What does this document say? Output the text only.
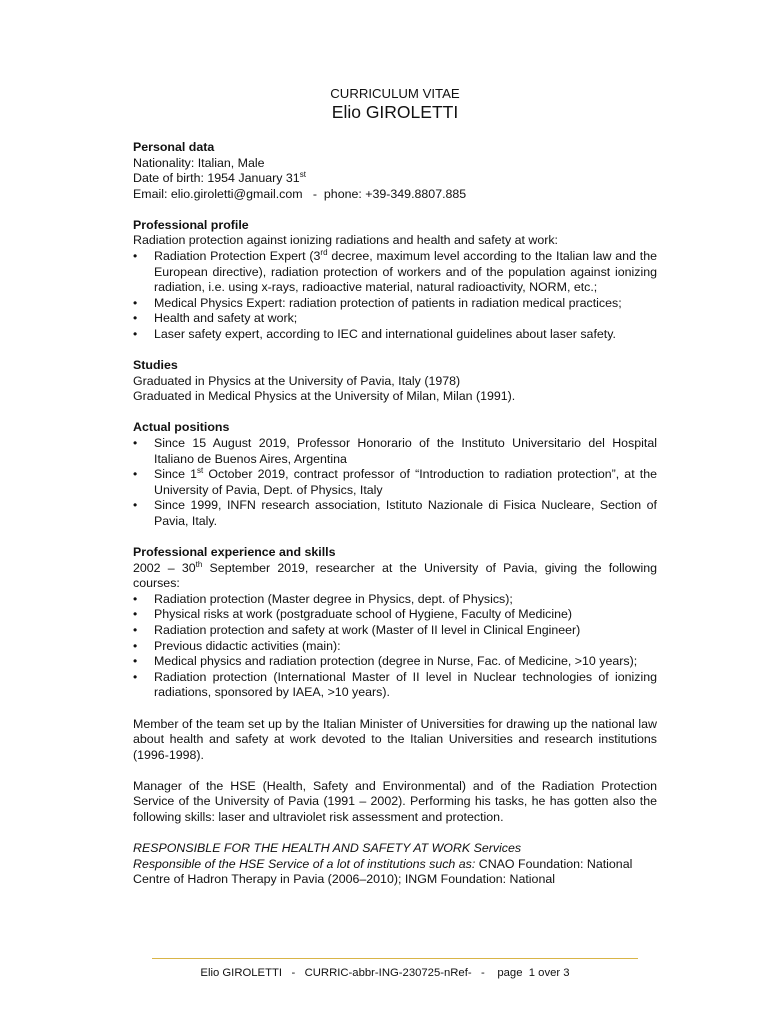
CURRICULUM VITAE
Elio GIROLETTI
Personal data

Nationality: Italian, Male

Date of birth: 1954 January 31st

Email: elio.giroletti@gmail.com   -  phone: +39-349.8807.885

Professional profile

Radiation protection against ionizing radiations and health and safety at work:

• Radiation Protection Expert (3rd decree, maximum level according to the Italian law and the European directive), radiation protection of workers and of the population against ionizing radiation, i.e. using x-rays, radioactive material, natural radioactivity, NORM, etc.;
• Medical Physics Expert: radiation protection of patients in radiation medical practices;
• Health and safety at work;
• Laser safety expert, according to IEC and international guidelines about laser safety.
Studies

Graduated in Physics at the University of Pavia, Italy (1978)

Graduated in Medical Physics at the University of Milan, Milan (1991).

Actual positions
• Since 15 August 2019, Professor Honorario of the Instituto Universitario del Hospital Italiano de Buenos Aires, Argentina
• Since 1st October 2019, contract professor of “Introduction to radiation protection”, at the University of Pavia, Dept. of Physics, Italy
• Since 1999, INFN research association, Istituto Nazionale di Fisica Nucleare, Section of Pavia, Italy.
Professional experience and skills

2002 – 30th September 2019, researcher at the University of Pavia, giving the following courses:

• Radiation protection (Master degree in Physics, dept. of Physics);
• Physical risks at work (postgraduate school of Hygiene, Faculty of Medicine)
• Radiation protection and safety at work (Master of II level in Clinical Engineer)
• Previous didactic activities (main):
• Medical physics and radiation protection (degree in Nurse, Fac. of Medicine, >10 years);
• Radiation protection (International Master of II level in Nuclear technologies of ionizing radiations, sponsored by IAEA, >10 years).

Member of the team set up by the Italian Minister of Universities for drawing up the national law about health and safety at work devoted to the Italian Universities and research institutions (1996-1998).

Manager of the HSE (Health, Safety and Environmental) and of the Radiation Protection Service of the University of Pavia (1991 – 2002). Performing his tasks, he has gotten also the following skills: laser and ultraviolet risk assessment and protection.

RESPONSIBLE FOR THE HEALTH AND SAFETY AT WORK Services

Responsible of the HSE Service of a lot of institutions such as: CNAO Foundation: National Centre of Hadron Therapy in Pavia (2006–2010); INGM Foundation: National

Elio GIROLETTI   -   CURRIC-abbr-ING-230725-nRef-   -    page  1 over 3
